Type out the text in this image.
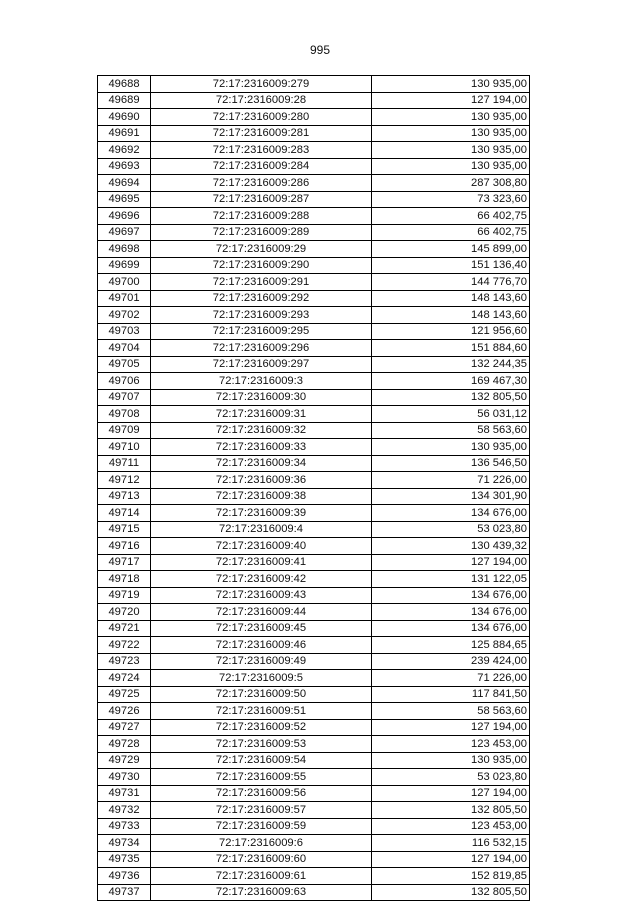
995
49688	72:17:2316009:279	130 935,00
49689	72:17:2316009:28	127 194,00
49690	72:17:2316009:280	130 935,00
49691	72:17:2316009:281	130 935,00
49692	72:17:2316009:283	130 935,00
49693	72:17:2316009:284	130 935,00
49694	72:17:2316009:286	287 308,80
49695	72:17:2316009:287	73 323,60
49696	72:17:2316009:288	66 402,75
49697	72:17:2316009:289	66 402,75
49698	72:17:2316009:29	145 899,00
49699	72:17:2316009:290	151 136,40
49700	72:17:2316009:291	144 776,70
49701	72:17:2316009:292	148 143,60
49702	72:17:2316009:293	148 143,60
49703	72:17:2316009:295	121 956,60
49704	72:17:2316009:296	151 884,60
49705	72:17:2316009:297	132 244,35
49706	72:17:2316009:3	169 467,30
49707	72:17:2316009:30	132 805,50
49708	72:17:2316009:31	56 031,12
49709	72:17:2316009:32	58 563,60
49710	72:17:2316009:33	130 935,00
49711	72:17:2316009:34	136 546,50
49712	72:17:2316009:36	71 226,00
49713	72:17:2316009:38	134 301,90
49714	72:17:2316009:39	134 676,00
49715	72:17:2316009:4	53 023,80
49716	72:17:2316009:40	130 439,32
49717	72:17:2316009:41	127 194,00
49718	72:17:2316009:42	131 122,05
49719	72:17:2316009:43	134 676,00
49720	72:17:2316009:44	134 676,00
49721	72:17:2316009:45	134 676,00
49722	72:17:2316009:46	125 884,65
49723	72:17:2316009:49	239 424,00
49724	72:17:2316009:5	71 226,00
49725	72:17:2316009:50	117 841,50
49726	72:17:2316009:51	58 563,60
49727	72:17:2316009:52	127 194,00
49728	72:17:2316009:53	123 453,00
49729	72:17:2316009:54	130 935,00
49730	72:17:2316009:55	53 023,80
49731	72:17:2316009:56	127 194,00
49732	72:17:2316009:57	132 805,50
49733	72:17:2316009:59	123 453,00
49734	72:17:2316009:6	116 532,15
49735	72:17:2316009:60	127 194,00
49736	72:17:2316009:61	152 819,85
49737	72:17:2316009:63	132 805,50
